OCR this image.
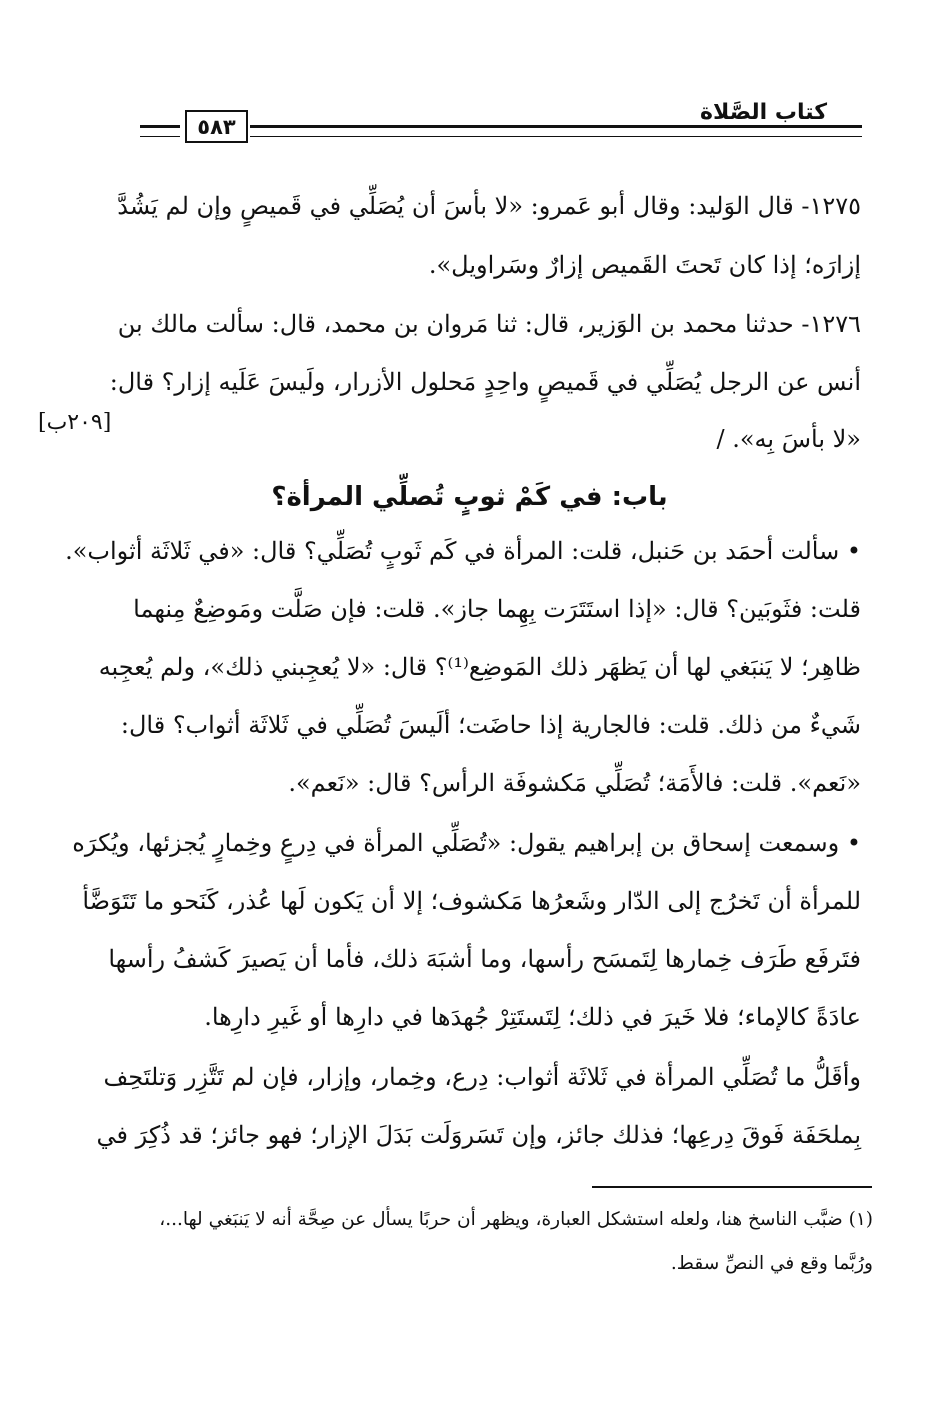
كتاب الصَّلاة
٥٨٣
١٢٧٥- قال الوَليد: وقال أبو عَمرو: «لا بأسَ أن يُصَلِّي في قَميصٍ وإن لم يَشُدَّ
إزارَه؛ إذا كان تَحتَ القَميص إزارٌ وسَراويل».
١٢٧٦- حدثنا محمد بن الوَزير، قال: ثنا مَروان بن محمد، قال: سألت مالك بن
أنس عن الرجل يُصَلِّي في قَميصٍ واحِدٍ مَحلول الأزرار، ولَيسَ عَلَيه إزار؟ قال:
«لا بأسَ بِه». /
[٢٠٩ب]
باب: في كَمْ ثوبٍ تُصلِّي المرأة؟
• سألت أحمَد بن حَنبل، قلت: المرأة في كَم ثَوبٍ تُصَلِّي؟ قال: «في ثَلاثَة أثواب».
قلت: فثَوبَين؟ قال: «إذا استَتَرَت بِهِما جاز». قلت: فإن صَلَّت ومَوضِعٌ مِنهما
ظاهِر؛ لا يَنبَغي لها أن يَظهَر ذلك المَوضِع⁽¹⁾؟ قال: «لا يُعجِبني ذلك»، ولم يُعجِبه
شَيءٌ من ذلك. قلت: فالجارية إذا حاضَت؛ ألَيسَ تُصَلِّي في ثَلاثَة أثواب؟ قال:
«نَعم». قلت: فالأَمَة؛ تُصَلِّي مَكشوفَة الرأس؟ قال: «نَعم».
• وسمعت إسحاق بن إبراهيم يقول: «تُصَلِّي المرأة في دِرعٍ وخِمارٍ يُجزئها، ويُكرَه
للمرأة أن تَخرُج إلى الدّار وشَعرُها مَكشوف؛ إلا أن يَكون لَها عُذر، كَنَحو ما تَتَوَضَّأ
فتَرفَع طَرَف خِمارها لِتَمسَح رأسها، وما أشبَهَ ذلك، فأما أن يَصيرَ كَشفُ رأسها
عادَةً كالإماء؛ فلا خَيرَ في ذلك؛ لِتَستَتِرْ جُهدَها في دارِها أو غَيرِ دارِها.
وأقَلُّ ما تُصَلِّي المرأة في ثَلاثَة أثواب: دِرع، وخِمار، وإزار، فإن لم تَتَّزِر وَتلتَحِف
بِملحَفَة فَوقَ دِرعِها؛ فذلك جائز، وإن تَسَروَلَت بَدَلَ الإزار؛ فهو جائز؛ قد ذُكِرَ في
(١) ضبَّب الناسخ هنا، ولعله استشكل العبارة، ويظهر أن حربًا يسأل عن صِحَّة أنه لا يَنبَغي لها...،
ورُبَّما وقع في النصِّ سقط.
